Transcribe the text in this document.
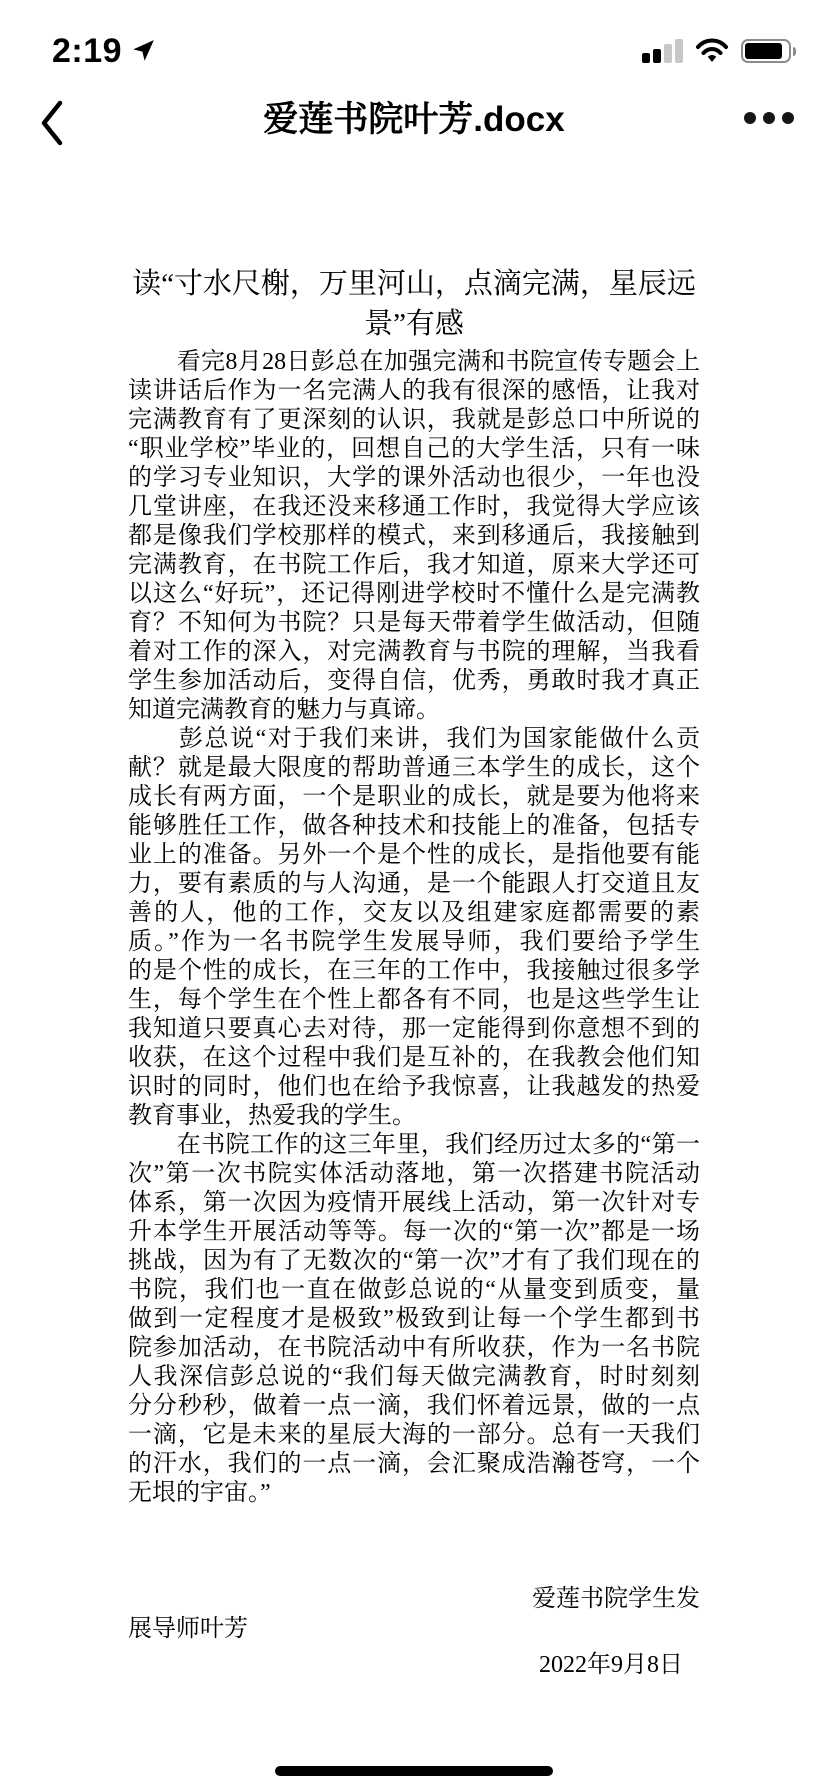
2:19
爱莲书院叶芳.docx
读“寸水尺榭，万里河山，点滴完满，星辰远
景”有感
　　看完8月28日彭总在加强完满和书院宣传专题会上
读讲话后作为一名完满人的我有很深的感悟，让我对
完满教育有了更深刻的认识，我就是彭总口中所说的
“职业学校”毕业的，回想自己的大学生活，只有一味
的学习专业知识，大学的课外活动也很少，一年也没
几堂讲座，在我还没来移通工作时，我觉得大学应该
都是像我们学校那样的模式，来到移通后，我接触到
完满教育，在书院工作后，我才知道，原来大学还可
以这么“好玩”，还记得刚进学校时不懂什么是完满教
育？不知何为书院？只是每天带着学生做活动，但随
着对工作的深入，对完满教育与书院的理解，当我看
学生参加活动后，变得自信，优秀，勇敢时我才真正
知道完满教育的魅力与真谛。
　　彭总说“对于我们来讲，我们为国家能做什么贡
献？就是最大限度的帮助普通三本学生的成长，这个
成长有两方面，一个是职业的成长，就是要为他将来
能够胜任工作，做各种技术和技能上的准备，包括专
业上的准备。另外一个是个性的成长，是指他要有能
力，要有素质的与人沟通，是一个能跟人打交道且友
善的人，他的工作，交友以及组建家庭都需要的素
质。”作为一名书院学生发展导师，我们要给予学生
的是个性的成长，在三年的工作中，我接触过很多学
生，每个学生在个性上都各有不同，也是这些学生让
我知道只要真心去对待，那一定能得到你意想不到的
收获，在这个过程中我们是互补的，在我教会他们知
识时的同时，他们也在给予我惊喜，让我越发的热爱
教育事业，热爱我的学生。
　　在书院工作的这三年里，我们经历过太多的“第一
次”第一次书院实体活动落地，第一次搭建书院活动
体系，第一次因为疫情开展线上活动，第一次针对专
升本学生开展活动等等。每一次的“第一次”都是一场
挑战，因为有了无数次的“第一次”才有了我们现在的
书院，我们也一直在做彭总说的“从量变到质变，量
做到一定程度才是极致”极致到让每一个学生都到书
院参加活动，在书院活动中有所收获，作为一名书院
人我深信彭总说的“我们每天做完满教育，时时刻刻
分分秒秒，做着一点一滴，我们怀着远景，做的一点
一滴，它是未来的星辰大海的一部分。总有一天我们
的汗水，我们的一点一滴，会汇聚成浩瀚苍穹，一个
无垠的宇宙。”
爱莲书院学生发
展导师叶芳
2022年9月8日
